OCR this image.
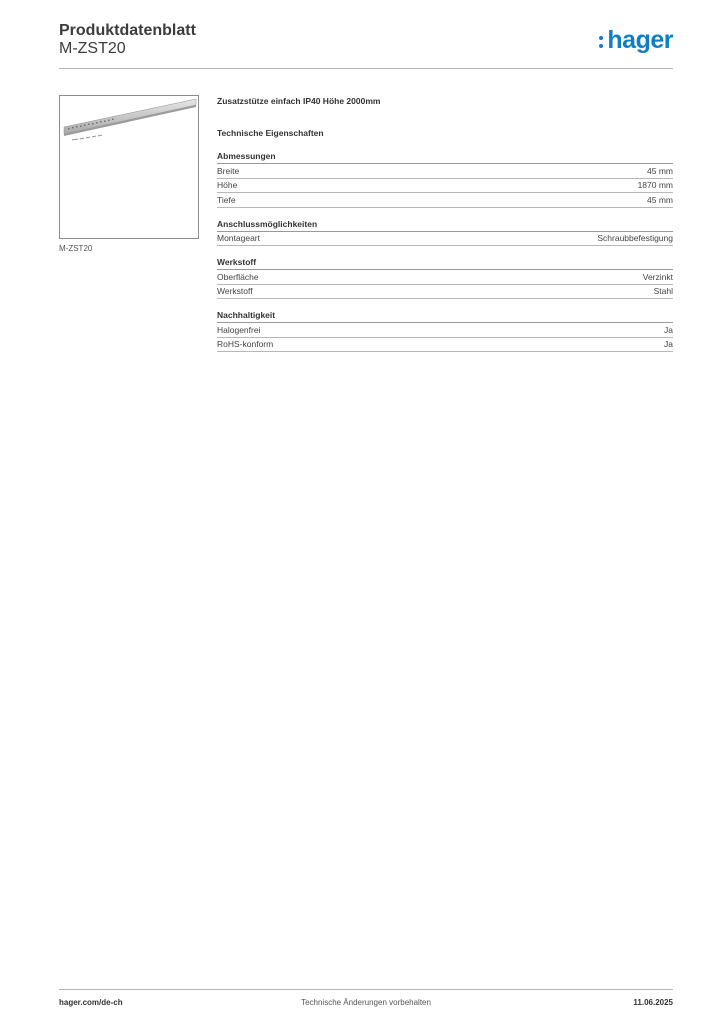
Produktdatenblatt
M-ZST20	hager
M-ZST20
Zusatzstütze einfach IP40 Höhe 2000mm
Technische Eigenschaften
Abmessungen
Breite	45 mm
Höhe	1870 mm
Tiefe	45 mm
Anschlussmöglichkeiten
Montageart	Schraubbefestigung
Werkstoff
Oberfläche	Verzinkt
Werkstoff	Stahl
Nachhaltigkeit
Halogenfrei	Ja
RoHS-konform	Ja
Technische Änderungen vorbehalten
hager.com/de-ch	11.06.2025
